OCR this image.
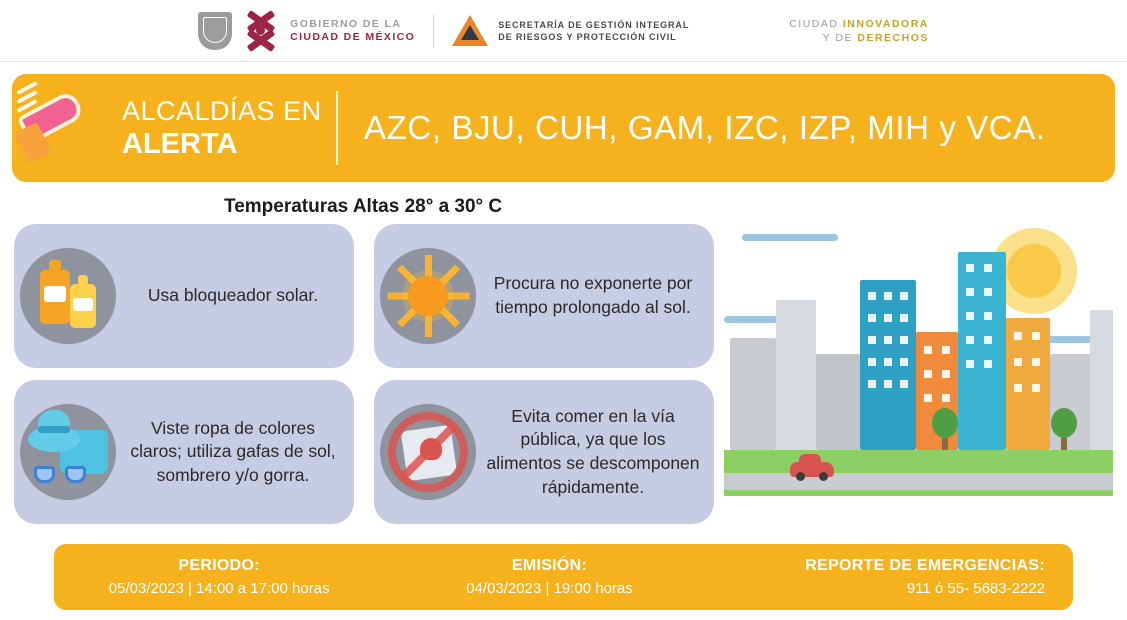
GOBIERNO DE LA
CIUDAD DE MÉXICO
SECRETARÍA DE GESTIÓN INTEGRAL
DE RIESGOS Y PROTECCIÓN CIVIL
CIUDAD INNOVADORA
Y DE DERECHOS
ALCALDÍAS EN
ALERTA	AZC, BJU, CUH, GAM, IZC, IZP, MIH y VCA.
Temperaturas Altas 28° a 30° C
Usa bloqueador solar.
Procura no exponerte por tiempo prolongado al sol.
Viste ropa de colores claros; utiliza gafas de sol, sombrero y/o gorra.
Evita comer en la vía pública, ya que los alimentos se descomponen rápidamente.
PERIODO:
05/03/2023 | 14:00 a 17:00 horas
EMISIÓN:
04/03/2023 | 19:00 horas
REPORTE DE EMERGENCIAS:
911 ó 55- 5683-2222
